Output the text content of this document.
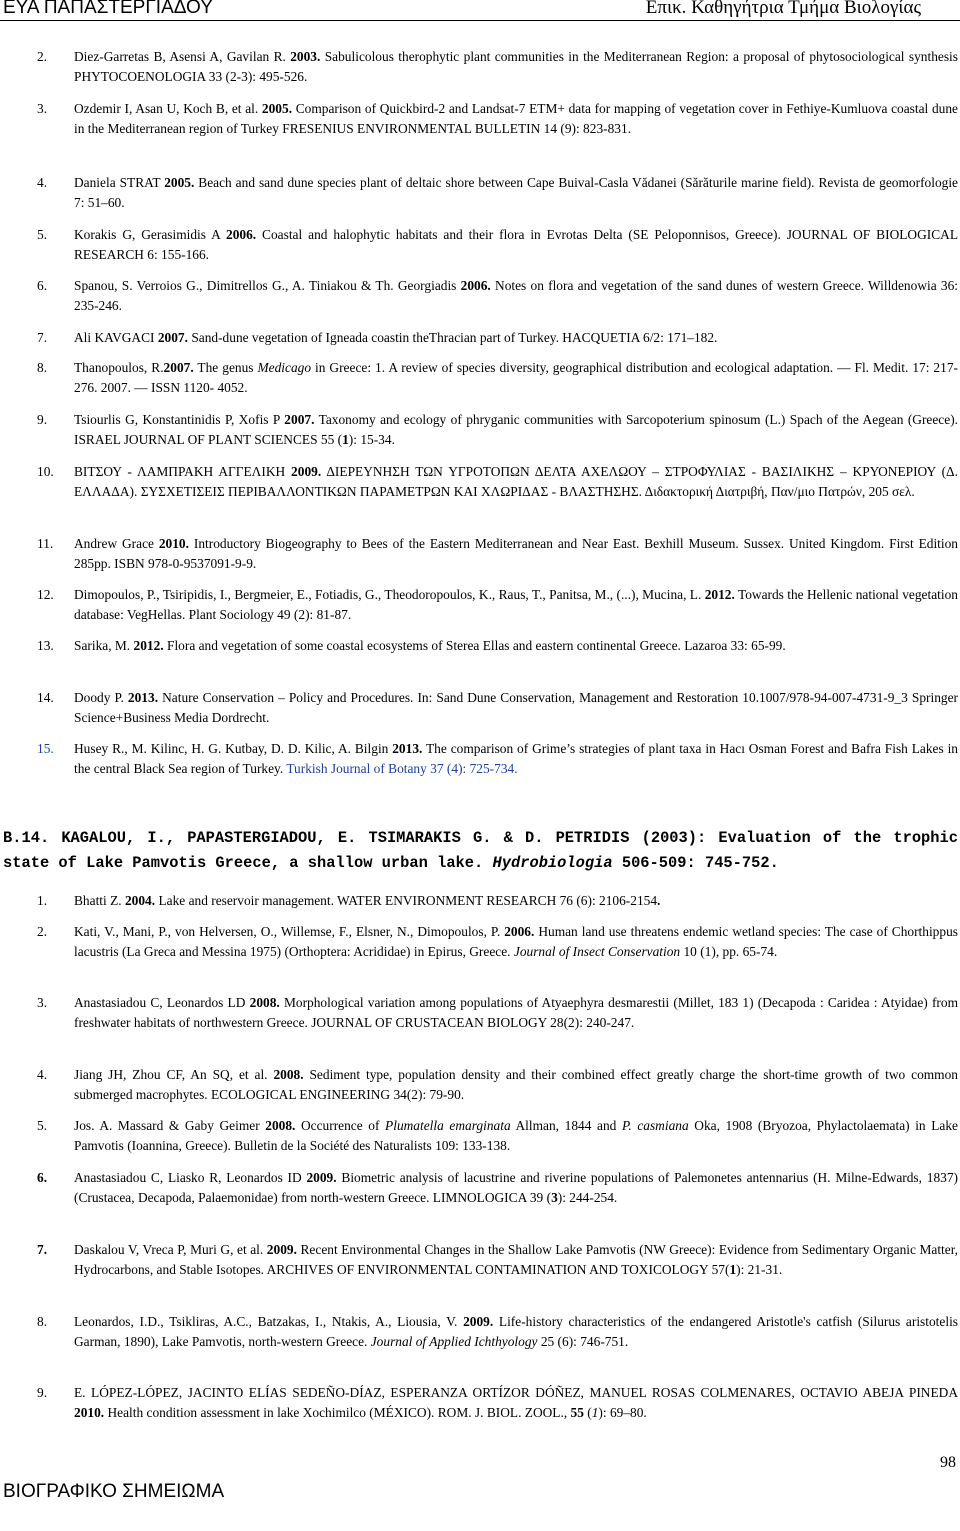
ΕΥΑ ΠΑΠΑΣΤΕΡΓΙΑΔΟΥ	Επικ. Καθηγήτρια Τμήμα Βιολογίας
2. Diez-Garretas B, Asensi A, Gavilan R. 2003. Sabulicolous therophytic plant communities in the Mediterranean Region: a proposal of phytosociological synthesis PHYTOCOENOLOGIA 33 (2-3): 495-526.
3. Ozdemir I, Asan U, Koch B, et al. 2005. Comparison of Quickbird-2 and Landsat-7 ETM+ data for mapping of vegetation cover in Fethiye-Kumluova coastal dune in the Mediterranean region of Turkey FRESENIUS ENVIRONMENTAL BULLETIN 14 (9): 823-831.
4. Daniela STRAT 2005. Beach and sand dune species plant of deltaic shore between Cape Buival-Casla Vădanei (Sărăturile marine field). Revista de geomorfologie 7: 51–60.
5. Korakis G, Gerasimidis A 2006. Coastal and halophytic habitats and their flora in Evrotas Delta (SE Peloponnisos, Greece). JOURNAL OF BIOLOGICAL RESEARCH 6: 155-166.
6. Spanou, S. Verroios G., Dimitrellos G., A. Tiniakou & Th. Georgiadis 2006. Notes on flora and vegetation of the sand dunes of western Greece. Willdenowia 36: 235-246.
7. Ali KAVGACI 2007. Sand-dune vegetation of Igneada coastin theThracian part of Turkey. HACQUETIA 6/2: 171–182.
8. Thanopoulos, R.2007. The genus Medicago in Greece: 1. A review of species diversity, geographical distribution and ecological adaptation. — Fl. Medit. 17: 217-276. 2007. — ISSN 1120- 4052.
9. Tsiourlis G, Konstantinidis P, Xofis P 2007. Taxonomy and ecology of phryganic communities with Sarcopoterium spinosum (L.) Spach of the Aegean (Greece). ISRAEL JOURNAL OF PLANT SCIENCES 55 (1): 15-34.
10. ΒΙΤΣΟΥ - ΛΑΜΠΡΑΚΗ ΑΓΓΕΛΙΚΗ 2009. ΔΙΕΡΕΥΝΗΣΗ ΤΩΝ ΥΓΡΟΤΟΠΩΝ ΔΕΛΤΑ ΑΧΕΛΩΟΥ – ΣΤΡΟΦΥΛΙΑΣ - ΒΑΣΙΛΙΚΗΣ – ΚΡΥΟΝΕΡΙΟΥ (Δ. ΕΛΛΑΔΑ). ΣΥΣΧΕΤΙΣΕΙΣ ΠΕΡΙΒΑΛΛΟΝΤΙΚΩΝ ΠΑΡΑΜΕΤΡΩΝ ΚΑΙ ΧΛΩΡΙΔΑΣ - ΒΛΑΣΤΗΣΗΣ. Διδακτορική Διατριβή, Παν/μιο Πατρών, 205 σελ.
11. Andrew Grace 2010. Introductory Biogeography to Bees of the Eastern Mediterranean and Near East. Bexhill Museum. Sussex. United Kingdom. First Edition 285pp. ISBN 978-0-9537091-9-9.
12. Dimopoulos, P., Tsiripidis, I., Bergmeier, E., Fotiadis, G., Theodoropoulos, K., Raus, T., Panitsa, M., (...), Mucina, L. 2012. Towards the Hellenic national vegetation database: VegHellas. Plant Sociology 49 (2): 81-87.
13. Sarika, M. 2012. Flora and vegetation of some coastal ecosystems of Sterea Ellas and eastern continental Greece. Lazaroa 33: 65-99.
14. Doody P. 2013. Nature Conservation – Policy and Procedures. In: Sand Dune Conservation, Management and Restoration 10.1007/978-94-007-4731-9_3 Springer Science+Business Media Dordrecht.
15. Husey R., M. Kilinc, H. G. Kutbay, D. D. Kilic, A. Bilgin 2013. The comparison of Grime’s strategies of plant taxa in Hacı Osman Forest and Bafra Fish Lakes in the central Black Sea region of Turkey. Turkish Journal of Botany 37 (4): 725-734.
B.14. KAGALOU, I., PAPASTERGIADOU, E. TSIMARAKIS G. & D. PETRIDIS (2003): Evaluation of the trophic state of Lake Pamvotis Greece, a shallow urban lake. Hydrobiologia 506-509: 745-752.
1. Bhatti Z. 2004. Lake and reservoir management. WATER ENVIRONMENT RESEARCH 76 (6): 2106-2154.
2. Kati, V., Mani, P., von Helversen, O., Willemse, F., Elsner, N., Dimopoulos, P. 2006. Human land use threatens endemic wetland species: The case of Chorthippus lacustris (La Greca and Messina 1975) (Orthoptera: Acrididae) in Epirus, Greece. Journal of Insect Conservation 10 (1), pp. 65-74.
3. Anastasiadou C, Leonardos LD 2008. Morphological variation among populations of Atyaephyra desmarestii (Millet, 183 1) (Decapoda : Caridea : Atyidae) from freshwater habitats of northwestern Greece. JOURNAL OF CRUSTACEAN BIOLOGY 28(2): 240-247.
4. Jiang JH, Zhou CF, An SQ, et al. 2008. Sediment type, population density and their combined effect greatly charge the short-time growth of two common submerged macrophytes. ECOLOGICAL ENGINEERING 34(2): 79-90.
5. Jos. A. Massard & Gaby Geimer 2008. Occurrence of Plumatella emarginata Allman, 1844 and P. casmiana Oka, 1908 (Bryozoa, Phylactolaemata) in Lake Pamvotis (Ioannina, Greece). Bulletin de la Société des Naturalists 109: 133-138.
6. Anastasiadou C, Liasko R, Leonardos ID 2009. Biometric analysis of lacustrine and riverine populations of Palemonetes antennarius (H. Milne-Edwards, 1837) (Crustacea, Decapoda, Palaemonidae) from north-western Greece. LIMNOLOGICA 39 (3): 244-254.
7. Daskalou V, Vreca P, Muri G, et al. 2009. Recent Environmental Changes in the Shallow Lake Pamvotis (NW Greece): Evidence from Sedimentary Organic Matter, Hydrocarbons, and Stable Isotopes. ARCHIVES OF ENVIRONMENTAL CONTAMINATION AND TOXICOLOGY 57(1): 21-31.
8. Leonardos, I.D., Tsikliras, A.C., Batzakas, I., Ntakis, A., Liousia, V. 2009. Life-history characteristics of the endangered Aristotle's catfish (Silurus aristotelis Garman, 1890), Lake Pamvotis, north-western Greece. Journal of Applied Ichthyology 25 (6): 746-751.
9. E. LÓPEZ-LÓPEZ, JACINTO ELÍAS SEDEÑO-DÍAZ, ESPERANZA ORTÍZOR DÓÑEZ, MANUEL ROSAS COLMENARES, OCTAVIO ABEJA PINEDA 2010. Health condition assessment in lake Xochimilco (MÉXICO). ROM. J. BIOL. ZOOL., 55 (1): 69–80.
ΒΙΟΓΡΑΦΙΚΟ ΣΗΜΕΙΩΜΑ
98
